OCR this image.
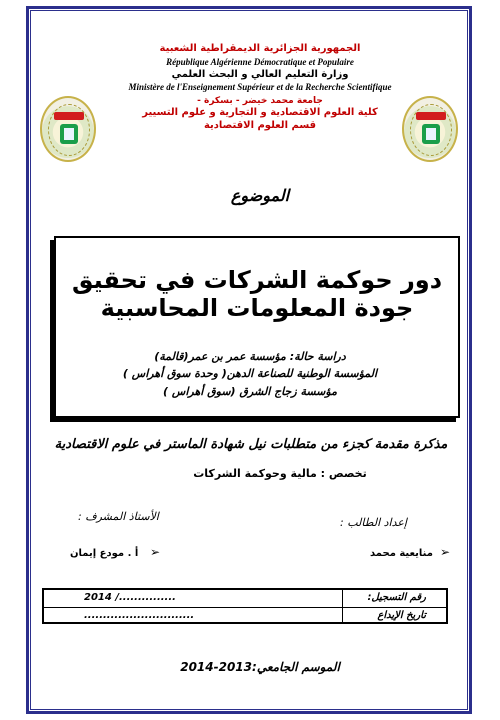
الجمهورية الجزائرية الديمقراطية الشعبية
République Algérienne Démocratique et Populaire
وزارة التعليم العالي و البحث العلمي
Ministère de l'Enseignement Supérieur et de la Recherche Scientifique
جامعة محمد خيضر - بسكرة -
كلية العلوم الاقتصادية و التجارية و علوم التسيير
قسم العلوم الاقتصادية
الموضوع
دور حوكمة الشركات في تحقيق جودة المعلومات المحاسبية
دراسة حالة: مؤسسة عمر بن عمر(قالمة)
المؤسسة الوطنية للصناعة الدهن( وحدة سوق أهراس )
مؤسسة زجاج الشرق (سوق أهراس )
مذكرة مقدمة كجزء من متطلبات نيل شهادة الماستر في علوم الاقتصادية
تخصص : مالية وحوكمة الشركات
إعداد الطالب :
الأستاذ المشرف :
منايعية محمد ➢
أ . مودع إيمان ➢
رقم التسجيل:
2014 /...............
تاريخ الإيداع
.............................
الموسم الجامعي:2013-2014
